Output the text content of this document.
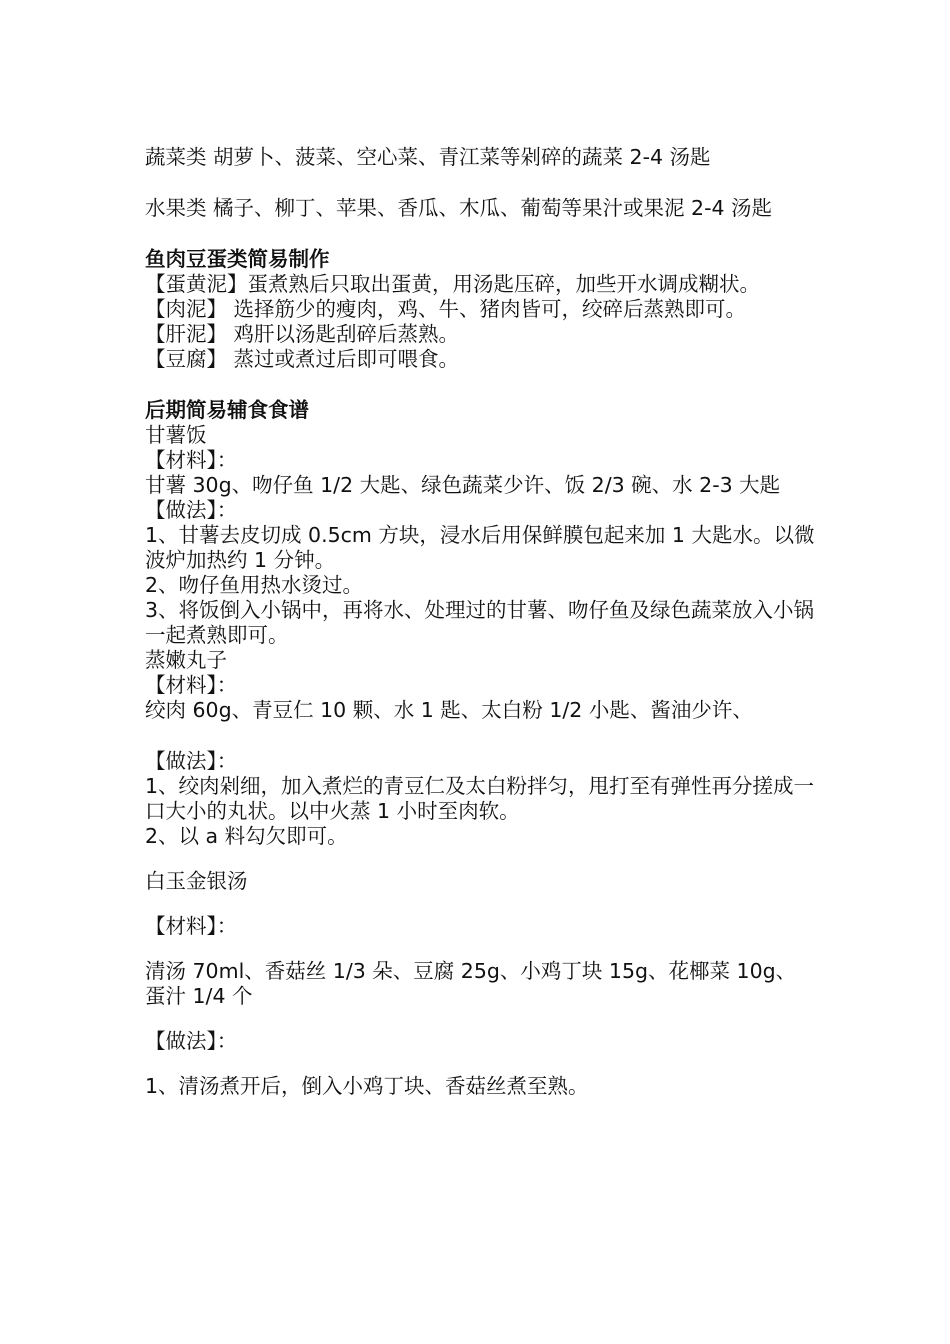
蔬菜类 胡萝卜、菠菜、空心菜、青江菜等剁碎的蔬菜 2-4 汤匙
水果类 橘子、柳丁、苹果、香瓜、木瓜、葡萄等果汁或果泥 2-4 汤匙
鱼肉豆蛋类简易制作
【蛋黄泥】蛋煮熟后只取出蛋黄，用汤匙压碎，加些开水调成糊状。
【肉泥】 选择筋少的瘦肉，鸡、牛、猪肉皆可，绞碎后蒸熟即可。
【肝泥】 鸡肝以汤匙刮碎后蒸熟。
【豆腐】 蒸过或煮过后即可喂食。
后期简易辅食食谱
甘薯饭
【材料】：
甘薯 30g、吻仔鱼 1/2 大匙、绿色蔬菜少许、饭 2/3 碗、水 2-3 大匙
【做法】：
1、甘薯去皮切成 0.5cm 方块，浸水后用保鲜膜包起来加 1 大匙水。以微波炉加热约 1 分钟。
2、吻仔鱼用热水烫过。
3、将饭倒入小锅中，再将水、处理过的甘薯、吻仔鱼及绿色蔬菜放入小锅一起煮熟即可。
蒸嫩丸子
【材料】：
绞肉 60g、青豆仁 10 颗、水 1 匙、太白粉 1/2 小匙、酱油少许、
【做法】：
1、绞肉剁细，加入煮烂的青豆仁及太白粉拌匀，甩打至有弹性再分搓成一口大小的丸状。以中火蒸 1 小时至肉软。
2、以 a 料勾欠即可。
白玉金银汤
【材料】：
清汤 70ml、香菇丝 1/3 朵、豆腐 25g、小鸡丁块 15g、花椰菜 10g、蛋汁 1/4 个
【做法】：
1、清汤煮开后，倒入小鸡丁块、香菇丝煮至熟。
